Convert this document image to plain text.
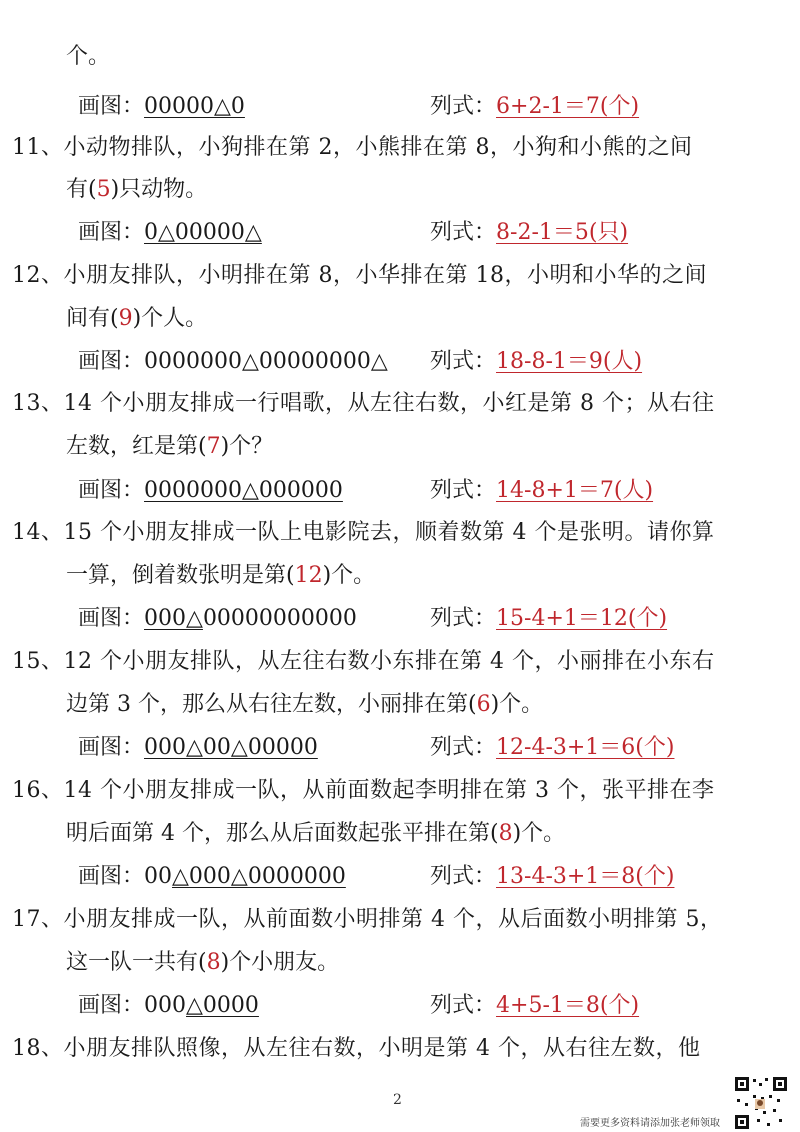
个。
画图：00000△0	列式：6+2-1＝7(个)
11、小动物排队，小狗排在第 2，小熊排在第 8，小狗和小熊的之间
有(5)只动物。
画图：0△00000△	列式：8-2-1＝5(只)
12、小朋友排队，小明排在第 8，小华排在第 18，小明和小华的之间
间有(9)个人。
画图：0000000△00000000△ 列式：18-8-1＝9(人)
13、14 个小朋友排成一行唱歌，从左往右数，小红是第 8 个；从右往
左数，红是第(7)个？
画图：0000000△000000	列式：14-8+1＝7(人)
14、15 个小朋友排成一队上电影院去，顺着数第 4 个是张明。请你算
一算，倒着数张明是第(12)个。
画图：000△00000000000	列式：15-4+1＝12(个)
15、12 个小朋友排队，从左往右数小东排在第 4 个，小丽排在小东右
边第 3 个，那么从右往左数，小丽排在第(6)个。
画图：000△00△00000	列式：12-4-3+1＝6(个)
16、14 个小朋友排成一队，从前面数起李明排在第 3 个，张平排在李
明后面第 4 个，那么从后面数起张平排在第(8)个。
画图：00△000△0000000	列式：13-4-3+1＝8(个)
17、小朋友排成一队，从前面数小明排第 4 个，从后面数小明排第 5，
这一队一共有(8)个小朋友。
画图：000△0000	列式：4+5-1＝8(个)
18、小朋友排队照像，从左往右数，小明是第 4 个，从右往左数，他
2
需要更多资料请添加张老师领取
